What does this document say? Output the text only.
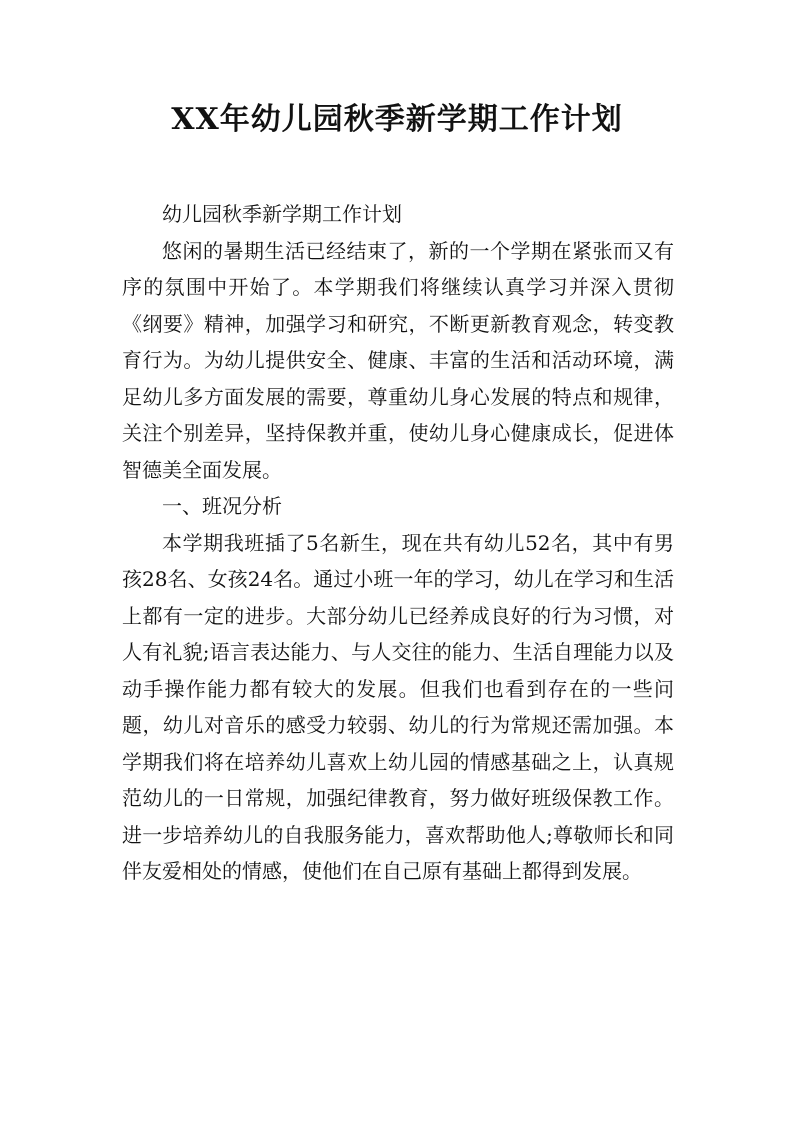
XX年幼儿园秋季新学期工作计划

幼儿园秋季新学期工作计划

悠闲的暑期生活已经结束了，新的一个学期在紧张而又有序的氛围中开始了。本学期我们将继续认真学习并深入贯彻《纲要》精神，加强学习和研究，不断更新教育观念，转变教育行为。为幼儿提供安全、健康、丰富的生活和活动环境，满足幼儿多方面发展的需要，尊重幼儿身心发展的特点和规律，关注个别差异，坚持保教并重，使幼儿身心健康成长，促进体智德美全面发展。

一、班况分析

本学期我班插了5名新生，现在共有幼儿52名，其中有男孩28名、女孩24名。通过小班一年的学习，幼儿在学习和生活上都有一定的进步。大部分幼儿已经养成良好的行为习惯，对人有礼貌;语言表达能力、与人交往的能力、生活自理能力以及动手操作能力都有较大的发展。但我们也看到存在的一些问题，幼儿对音乐的感受力较弱、幼儿的行为常规还需加强。本学期我们将在培养幼儿喜欢上幼儿园的情感基础之上，认真规范幼儿的一日常规，加强纪律教育，努力做好班级保教工作。进一步培养幼儿的自我服务能力，喜欢帮助他人;尊敬师长和同伴友爱相处的情感，使他们在自己原有基础上都得到发展。
